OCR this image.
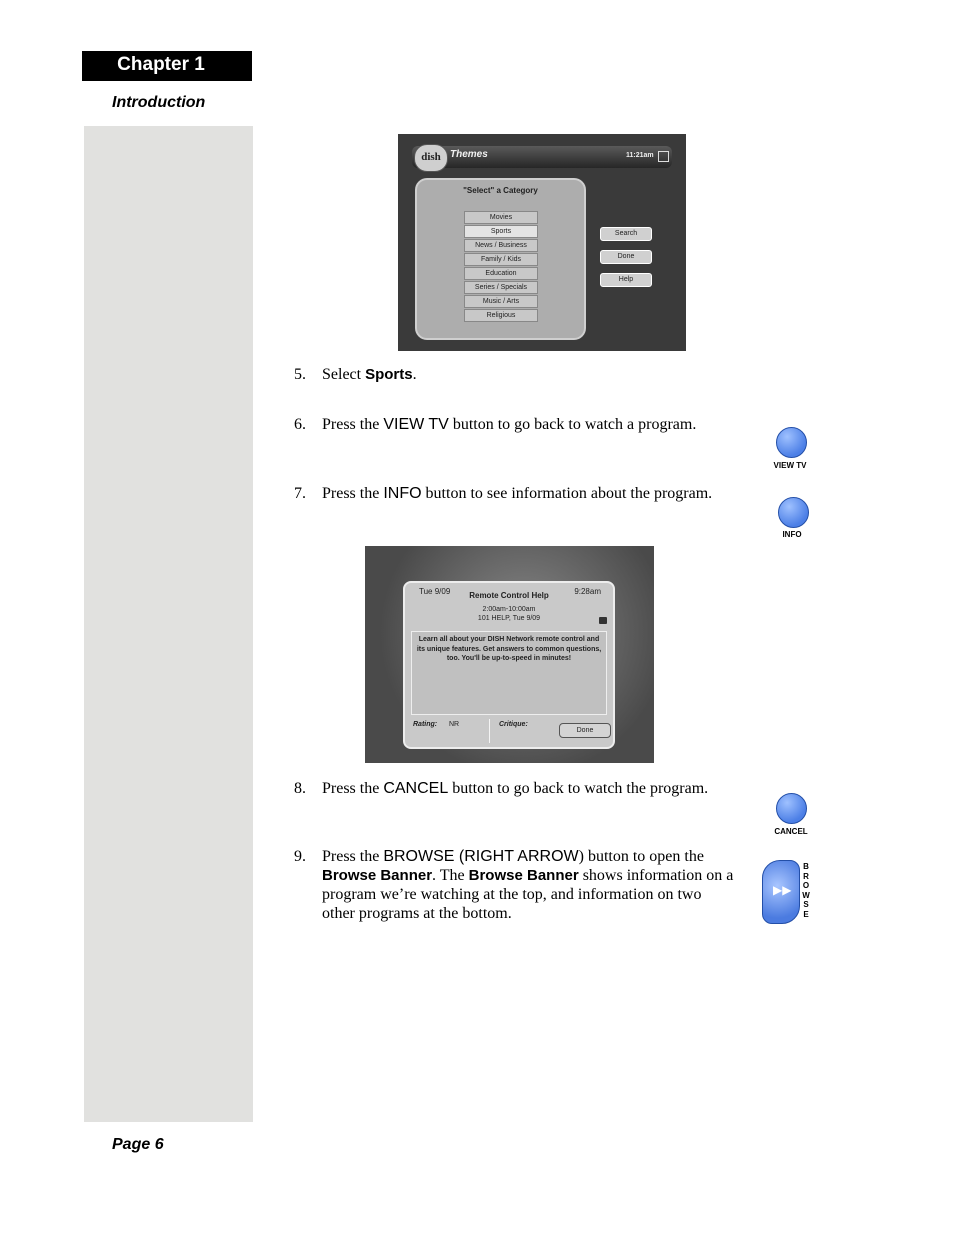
Chapter 1
Introduction
dish Themes	11:21am
"Select" a Category
Movies
Sports
News / Business
Family / Kids
Education
Series / Specials
Music / Arts
Religious
Search
Done
Help
5. Select Sports.
6. Press the VIEW TV button to go back to watch a program.
VIEW TV
7. Press the INFO button to see information about the program.
INFO
Tue 9/09	9:28am
Remote Control Help
2:00am-10:00am
101 HELP, Tue 9/09
Learn all about your DISH Network remote control and its unique features. Get answers to common questions, too. You'll be up-to-speed in minutes!
Rating: NR	Critique:
Done
8. Press the CANCEL button to go back to watch the program.
CANCEL
9. Press the BROWSE (RIGHT ARROW) button to open the Browse Banner. The Browse Banner shows information on a program we’re watching at the top, and information on two other programs at the bottom.
▶▶
B
R
O
W
S
E
Page 6
